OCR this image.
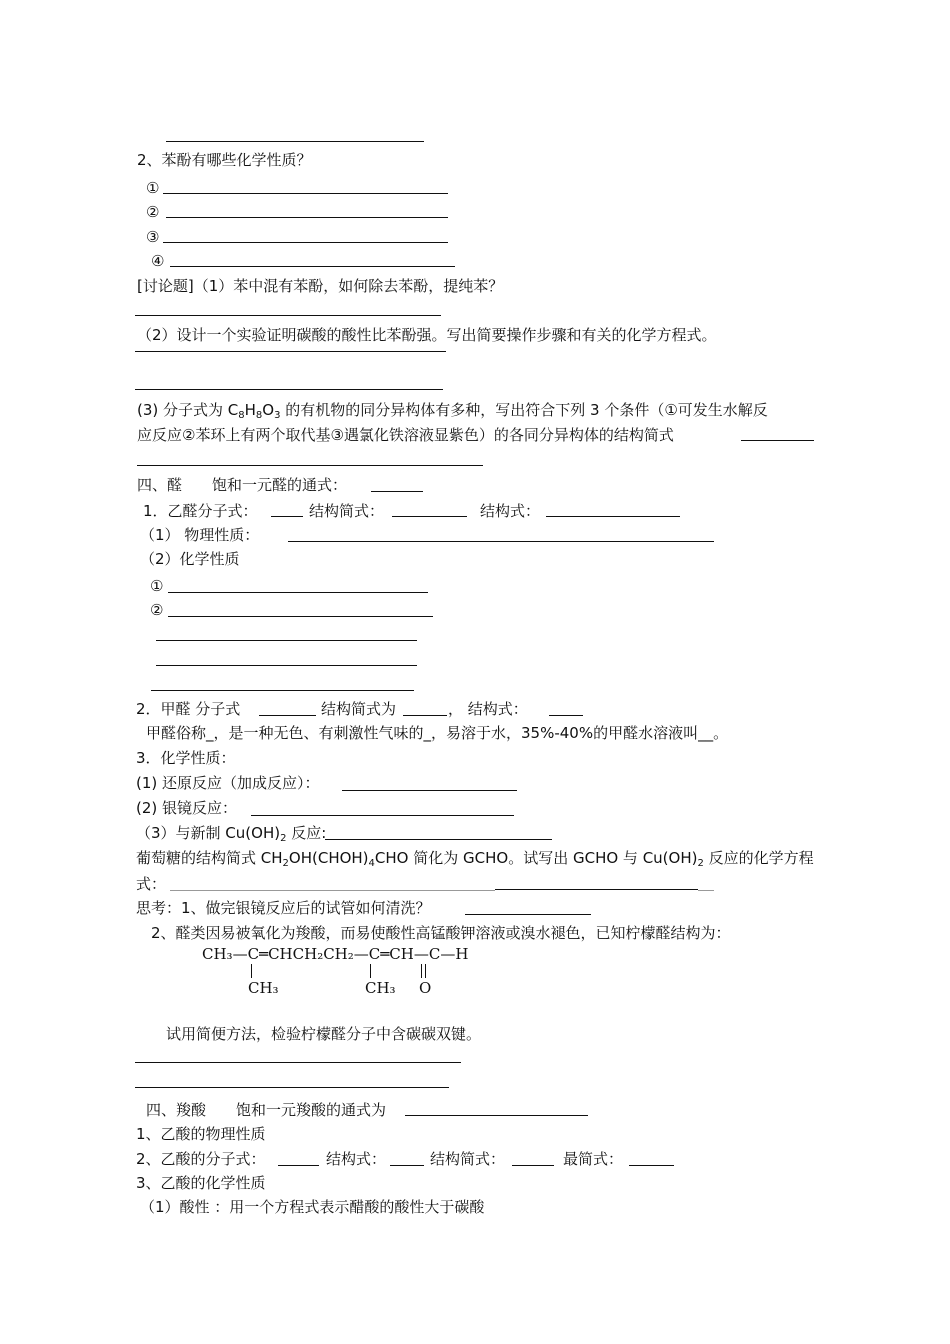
2、苯酚有哪些化学性质？
①
②
③
④
[讨论题]（1）苯中混有苯酚，如何除去苯酚，提纯苯？
（2）设计一个实验证明碳酸的酸性比苯酚强。写出简要操作步骤和有关的化学方程式。
(3) 分子式为 $C_8H_8O_3$ 的有机物的同分异构体有多种，写出符合下列 3 个条件（①可发生水解反
应反应②苯环上有两个取代基③遇氯化铁溶液显紫色）的各同分异构体的结构简式
四、醛　　饱和一元醛的通式：
1．乙醛分子式：	结构简式：	结构式：
（1） 物理性质：
（2）化学性质
①
②
2．甲醛 分子式	结构简式为	， 结构式：
甲醛俗称_，是一种无色、有刺激性气味的_，易溶于水，35%-40%的甲醛水溶液叫__。
3．化学性质：
(1) 还原反应（加成反应）：
(2) 银镜反应：
（3）与新制 $Cu(OH)_2$ 反应:
葡萄糖的结构简式 $CH_2OH(CHOH)_4CHO$ 简化为 GCHO。试写出 GCHO 与 $Cu(OH)_2$ 反应的化学方程
式：
思考：1、做完银镜反应后的试管如何清洗？
2、醛类因易被氧化为羧酸，而易使酸性高锰酸钾溶液或溴水褪色，已知柠檬醛结构为：
CH₃—C═CHCH₂CH₂—C═CH—C—H
CH₃	CH₃ O
试用简便方法，检验柠檬醛分子中含碳碳双键。
四、羧酸　　饱和一元羧酸的通式为
1、乙酸的物理性质
2、乙酸的分子式：	结构式：	结构简式：	最简式：
3、乙酸的化学性质
（1）酸性 ：用一个方程式表示醋酸的酸性大于碳酸
